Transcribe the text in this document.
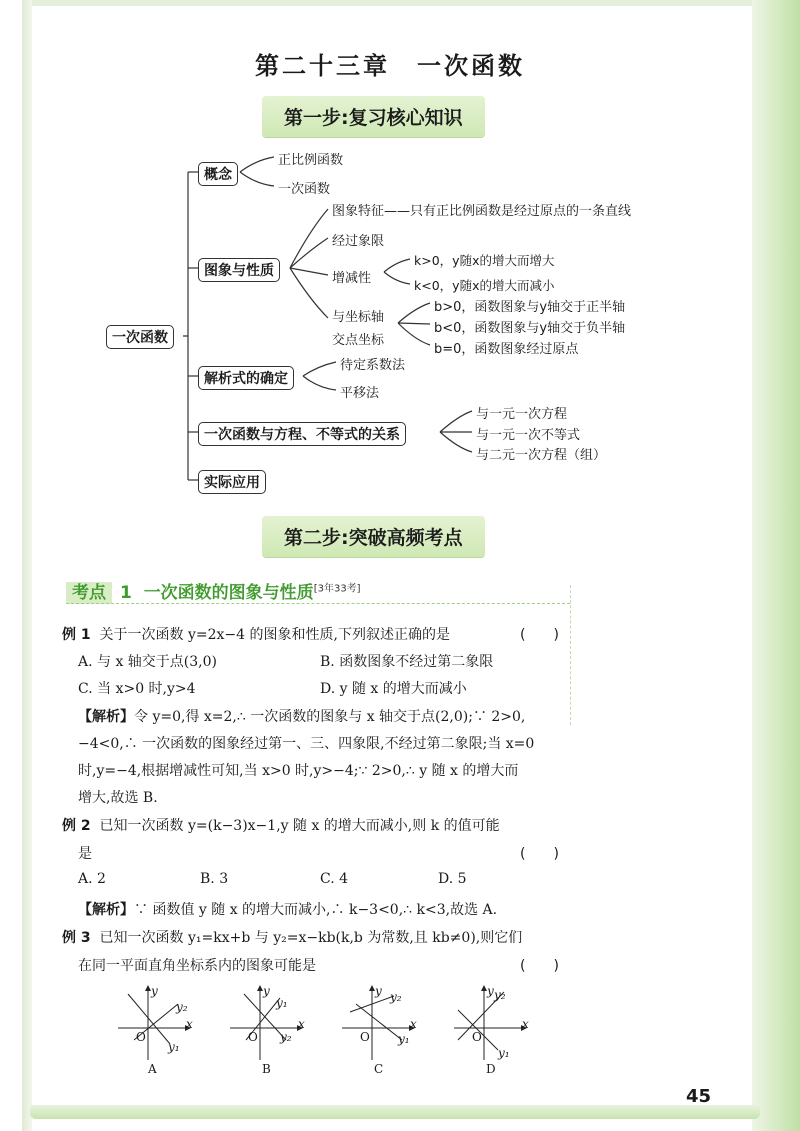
第二十三章　一次函数
第一步:复习核心知识
一次函数
概念
正比例函数
一次函数
图象与性质
图象特征——只有正比例函数是经过原点的一条直线
经过象限
增减性
k>0，y随x的增大而增大
k<0，y随x的增大而减小
与坐标轴
交点坐标
b>0，函数图象与y轴交于正半轴
b<0，函数图象与y轴交于负半轴
b=0，函数图象经过原点
解析式的确定
待定系数法
平移法
一次函数与方程、不等式的关系
与一元一次方程
与一元一次不等式
与二元一次方程（组）
实际应用
第二步:突破高频考点
考点 1 一次函数的图象与性质[3年33考]
例 1 关于一次函数 y=2x−4 的图象和性质,下列叙述正确的是	(　　)
A. 与 x 轴交于点(3,0)	B. 函数图象不经过第二象限
C. 当 x>0 时,y>4	D. y 随 x 的增大而减小
【解析】令 y=0,得 x=2,∴ 一次函数的图象与 x 轴交于点(2,0);∵ 2>0,
−4<0,∴ 一次函数的图象经过第一、三、四象限,不经过第二象限;当 x=0
时,y=−4,根据增减性可知,当 x>0 时,y>−4;∵ 2>0,∴ y 随 x 的增大而
增大,故选 B.
例 2 已知一次函数 y=(k−3)x−1,y 随 x 的增大而减小,则 k 的值可能
是	(　　)
A. 2	B. 3	C. 4	D. 5
【解析】∵ 函数值 y 随 x 的增大而减小,∴ k−3<0,∴ k<3,故选 A.
例 3 已知一次函数 y₁=kx+b 与 y₂=x−kb(k,b 为常数,且 kb≠0),则它们
在同一平面直角坐标系内的图象可能是	(　　)
O
x
y
y₁
y₂
A
O
x
y
y₁
y₂
B
O
x
y
y₁
y₂
C
O
x
y
y₁
y₂
D
45
